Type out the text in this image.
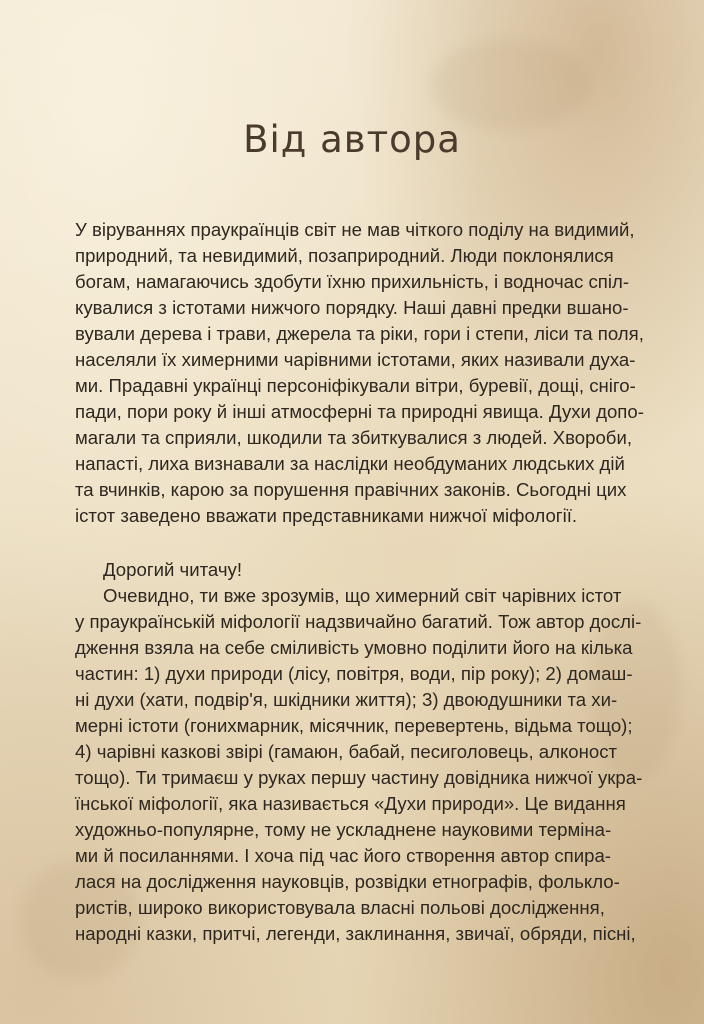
Від автора
У віруваннях праукраїнців світ не мав чіткого поділу на видимий,
природний, та невидимий, позаприродний. Люди поклонялися
богам, намагаючись здобути їхню прихильність, і водночас спіл-
кувалися з істотами нижчого порядку. Наші давні предки вшано-
вували дерева і трави, джерела та ріки, гори і степи, ліси та поля,
населяли їх химерними чарівними істотами, яких називали духа-
ми. Прадавні українці персоніфікували вітри, буревії, дощі, сніго-
пади, пори року й інші атмосферні та природні явища. Духи допо-
магали та сприяли, шкодили та збиткувалися з людей. Хвороби,
напасті, лиха визнавали за наслідки необдуманих людських дій
та вчинків, карою за порушення правічних законів. Сьогодні цих
істот заведено вважати представниками нижчої міфології.
Дорогий читачу!
Очевидно, ти вже зрозумів, що химерний світ чарівних істот
у праукраїнській міфології надзвичайно багатий. Тож автор дослі-
дження взяла на себе сміливість умовно поділити його на кілька
частин: 1) духи природи (лісу, повітря, води, пір року); 2) домаш-
ні духи (хати, подвір'я, шкідники життя); 3) двоюдушники та хи-
мерні істоти (гонихмарник, місячник, перевертень, відьма тощо);
4) чарівні казкові звірі (гамаюн, бабай, песиголовець, алконост
тощо). Ти тримаєш у руках першу частину довідника нижчої укра-
їнської міфології, яка називається «Духи природи». Це видання
художньо-популярне, тому не ускладнене науковими терміна-
ми й посиланнями. І хоча під час його створення автор спира-
лася на дослідження науковців, розвідки етнографів, фолькло-
ристів, широко використовувала власні польові дослідження,
народні казки, притчі, легенди, заклинання, звичаї, обряди, пісні,
